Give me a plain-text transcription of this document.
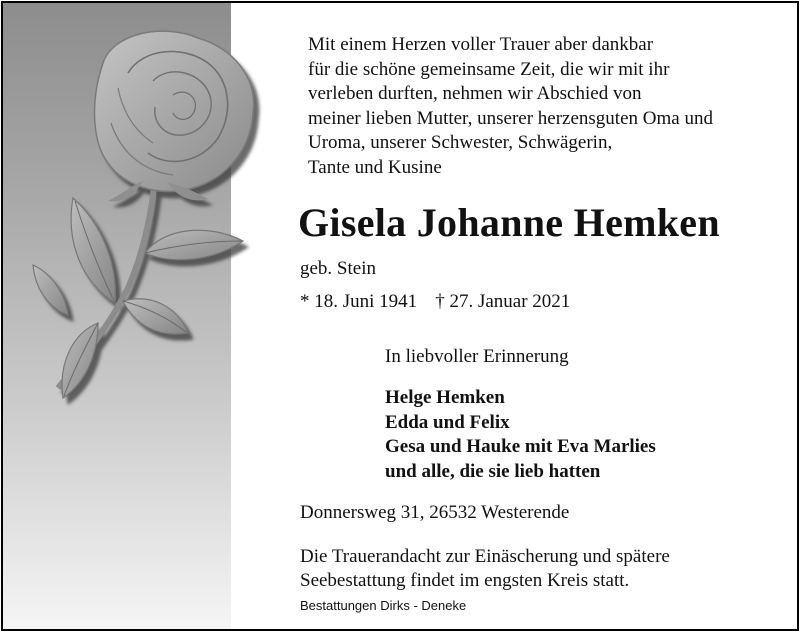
Mit einem Herzen voller Trauer aber dankbar
für die schöne gemeinsame Zeit, die wir mit ihr
verleben durften, nehmen wir Abschied von
meiner lieben Mutter, unserer herzensguten Oma und
Uroma, unserer Schwester, Schwägerin,
Tante und Kusine

Gisela Johanne Hemken
geb. Stein
* 18. Juni 1941 † 27. Januar 2021
In liebvoller Erinnerung

Helge Hemken
Edda und Felix
Gesa und Hauke mit Eva Marlies
und alle, die sie lieb hatten

Donnersweg 31, 26532 Westerende

Die Trauerandacht zur Einäscherung und spätere
Seebestattung findet im engsten Kreis statt.

Bestattungen Dirks - Deneke
